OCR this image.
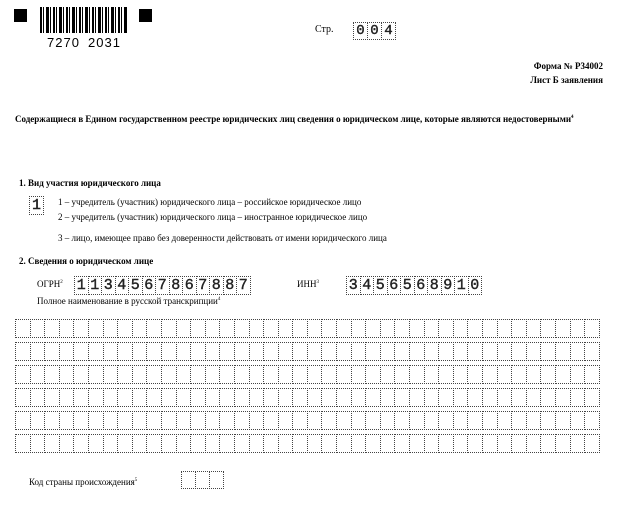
7270 2031
Стр. 0 0 4
Форма № Р34002
Лист Б заявления
Содержащиеся в Едином государственном реестре юридических лиц сведения о юридическом лице, которые являются недостоверными$^4$
1. Вид участия юридического лица
1	1 – учредитель (участник) юридического лица – российское юридическое лицо
2 – учредитель (участник) юридического лица – иностранное юридическое лицо
3 – лицо, имеющее право без доверенности действовать от имени юридического лица
2. Сведения о юридическом лице
ОГРН$^2$ 1 1 3 4 5 6 7 8 6 7 8 8 7	ИНН$^3$ 3 4 5 6 5 6 8 9 1 0
Полное наименование в русской транскрипции$^4$
Код страны происхождения$^5$
